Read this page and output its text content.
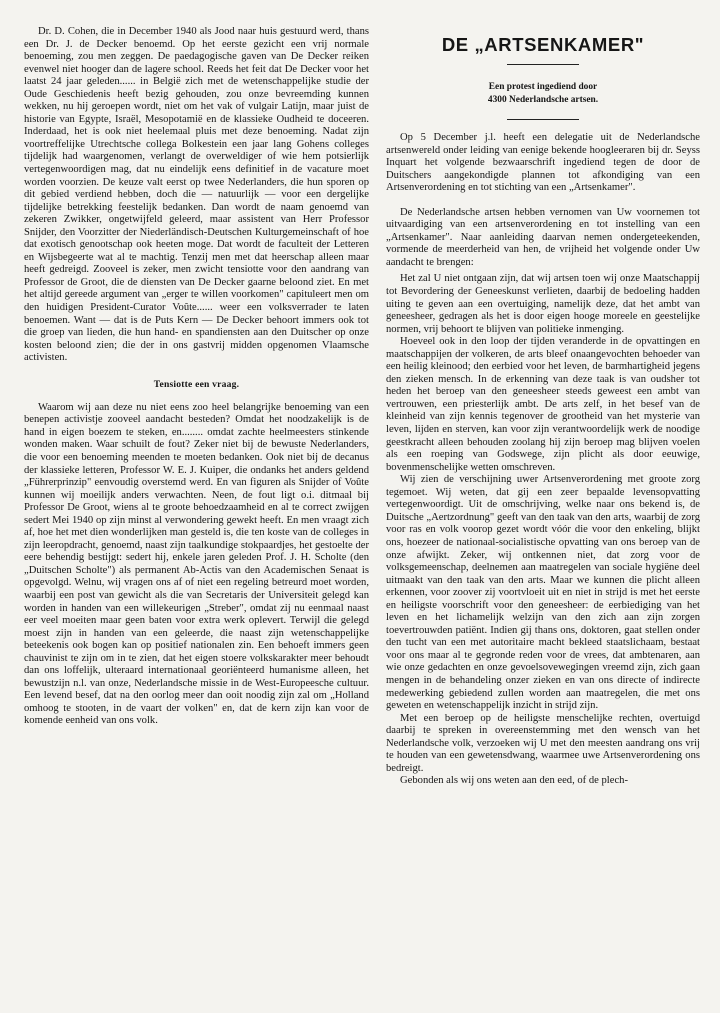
Dr. D. Cohen, die in December 1940 als Jood naar huis gestuurd werd, thans een Dr. J. de Decker benoemd. Op het eerste gezicht een vrij normale benoeming, zou men zeggen. De paedagogische gaven van De Decker reiken evenwel niet hooger dan de lagere school. Reeds het feit dat De Decker voor het laatst 24 jaar geleden...... in België zich met de wetenschappelijke studie der Oude Geschiedenis heeft bezig gehouden, zou onze bevreemding kunnen wekken, nu hij geroepen wordt, niet om het vak of vulgair Latijn, maar juist de historie van Egypte, Israël, Mesopotamië en de klassieke Oudheid te doceeren. Inderdaad, het is ook niet heelemaal pluis met deze benoeming. Nadat zijn voortreffelijke Utrechtsche collega Bolkestein een jaar lang Gohens colleges tijdelijk had waargenomen, verlangt de overweldiger of wie hem potsierlijk vertegenwoordigen mag, dat nu eindelijk eens definitief in de vacature moet worden voorzien. De keuze valt eerst op twee Nederlanders, die hun sporen op dit gebied verdiend hebben, doch die — natuurlijk — voor een dergelijke tijdelijke betrekking feestelijk bedanken. Dan wordt de naam genoemd van zekeren Zwikker, ongetwijfeld geleerd, maar assistent van Herr Professor Snijder, den Voorzitter der Niederländisch-Deutschen Kulturgemeinschaft of hoe dat exotisch genootschap ook heeten moge. Dat wordt de faculteit der Letteren en Wijsbegeerte wat al te machtig. Tenzij men met dat heerschap alleen maar heeft gedreigd. Zooveel is zeker, men zwicht tensiotte voor den aandrang van Professor de Groot, die de diensten van De Decker gaarne beloond ziet. En met het altijd gereede argument van „erger te willen voorkomen" capituleert men om den huidigen President-Curator Voûte...... weer een volksverrader te laten benoemen. Want — dat is de Puts Kern — De Decker behoort immers ook tot die groep van lieden, die hun hand- en spandiensten aan den Duitscher op onze kosten beloond zien; die der in ons gastvrij midden opgenomen Vlaamsche activisten.

Tensiotte een vraag.

Waarom wij aan deze nu niet eens zoo heel belangrijke benoeming van een benepen activistje zooveel aandacht besteden? Omdat het noodzakelijk is de hand in eigen boezem te steken, en........ omdat zachte heelmeesters stinkende wonden maken. Waar schuilt de fout? Zeker niet bij de bewuste Nederlanders, die voor een benoeming meenden te moeten bedanken. Ook niet bij de decanus der klassieke letteren, Professor W. E. J. Kuiper, die ondanks het anders geldend „Führerprinzip" eenvoudig overstemd werd. En van figuren als Snijder of Voûte kunnen wij moeilijk anders verwachten. Neen, de fout ligt o.i. ditmaal bij Professor De Groot, wiens al te groote behoedzaamheid en al te correct zwijgen sedert Mei 1940 op zijn minst al verwondering gewekt heeft. En men vraagt zich af, hoe het met dien wonderlijken man gesteld is, die ten koste van de colleges in zijn leeropdracht, genoemd, naast zijn taalkundige stokpaardjes, het gestoelte der eere behendig bestijgt: sedert hij, enkele jaren geleden Prof. J. H. Scholte (den „Duitschen Scholte") als permanent Ab-Actis van den Academischen Senaat is opgevolgd. Welnu, wij vragen ons af of niet een regeling betreurd moet worden, waarbij een post van gewicht als die van Secretaris der Universiteit gelegd kan worden in handen van een willekeurigen „Streber", omdat zij nu eenmaal naast eer veel moeiten maar geen baten voor extra werk oplevert. Terwijl die gelegd moest zijn in handen van een geleerde, die naast zijn wetenschappelijke beteekenis ook bogen kan op positief nationalen zin. Een behoeft immers geen chauvinist te zijn om in te zien, dat het eigen stoere volkskarakter meer behoudt dan ons loffelijk, ulteraard internationaal georiënteerd humanisme alleen, het bewustzijn n.l. van onze, Nederlandsche missie in de West-Europeesche cultuur. Een levend besef, dat na den oorlog meer dan ooit noodig zijn zal om „Holland omhoog te stooten, in de vaart der volken" en, dat de kern zijn kan voor de komende eenheid van ons volk.

DE „ARTSENKAMER"
Een protest ingediend door
4300 Nederlandsche artsen.

Op 5 December j.l. heeft een delegatie uit de Nederlandsche artsenwereld onder leiding van eenige bekende hoogleeraren bij dr. Seyss Inquart het volgende bezwaarschrift ingediend tegen de door de Duitschers aangekondigde plannen tot afkondiging van een Artsenverordening en tot stichting van een „Artsenkamer".

De Nederlandsche artsen hebben vernomen van Uw voornemen tot uitvaardiging van een artsenverordening en tot instelling van een „Artsenkamer". Naar aanleiding daarvan nemen ondergeteekenden, vormende de meerderheid van hen, de vrijheid het volgende onder Uw aandacht te brengen:

Het zal U niet ontgaan zijn, dat wij artsen toen wij onze Maatschappij tot Bevordering der Geneeskunst verlieten, daarbij de bedoeling hadden uiting te geven aan een overtuiging, namelijk deze, dat het ambt van geneesheer, gedragen als het is door eigen hooge moreele en geestelijke normen, vrij behoort te blijven van politieke inmenging.

Hoeveel ook in den loop der tijden veranderde in de opvattingen en maatschappijen der volkeren, de arts bleef onaangevochten behoeder van een heilig kleinood; den eerbied voor het leven, de barmhartigheid jegens den zieken mensch. In de erkenning van deze taak is van oudsher tot heden het beroep van den geneesheer steeds geweest een ambt van vertrouwen, een priesterlijk ambt. De arts zelf, in het besef van de kleinheid van zijn kennis tegenover de grootheid van het mysterie van leven, lijden en sterven, kan voor zijn verantwoordelijk werk de noodige geestkracht alleen behouden zoolang hij zijn beroep mag blijven voelen als een roeping van Godswege, zijn plicht als door eeuwige, bovenmenschelijke wetten omschreven.

Wij zien de verschijning uwer Artsenverordening met groote zorg tegemoet. Wij weten, dat gij een zeer bepaalde levensopvatting vertegenwoordigt. Uit de omschrijving, welke naar ons bekend is, de Duitsche „Aertzordnung" geeft van den taak van den arts, waarbij de zorg voor ras en volk voorop gezet wordt vóór die voor den enkeling, blijkt ons, hoezeer de nationaal-socialistische opvatting van ons beroep van de onze afwijkt. Zeker, wij ontkennen niet, dat zorg voor de volksgemeenschap, deelnemen aan maatregelen van sociale hygiëne deel uitmaakt van den taak van den arts. Maar we kunnen die plicht alleen erkennen, voor zoover zij voortvloeit uit en niet in strijd is met het eerste en heiligste voorschrift voor den geneesheer: de eerbiediging van het leven en het lichamelijk welzijn van den zich aan zijn zorgen toevertrouwden patiënt. Indien gij thans ons, doktoren, gaat stellen onder den tucht van een met autoritaire macht bekleed staatslichaam, bestaat voor ons maar al te gegronde reden voor de vrees, dat ambtenaren, aan wie onze gedachten en onze gevoelsovewegingen vreemd zijn, zich gaan mengen in de behandeling onzer zieken en van ons directe of indirecte medewerking gebiedend zullen worden aan maatregelen, die met ons geweten en wetenschappelijk inzicht in strijd zijn.

Met een beroep op de heiligste menschelijke rechten, overtuigd daarbij te spreken in overeenstemming met den wensch van het Nederlandsche volk, verzoeken wij U met den meesten aandrang ons vrij te houden van een gewetensdwang, waarmee uwe Artsenverordening ons bedreigt.

Gebonden als wij ons weten aan den eed, of de plech-
